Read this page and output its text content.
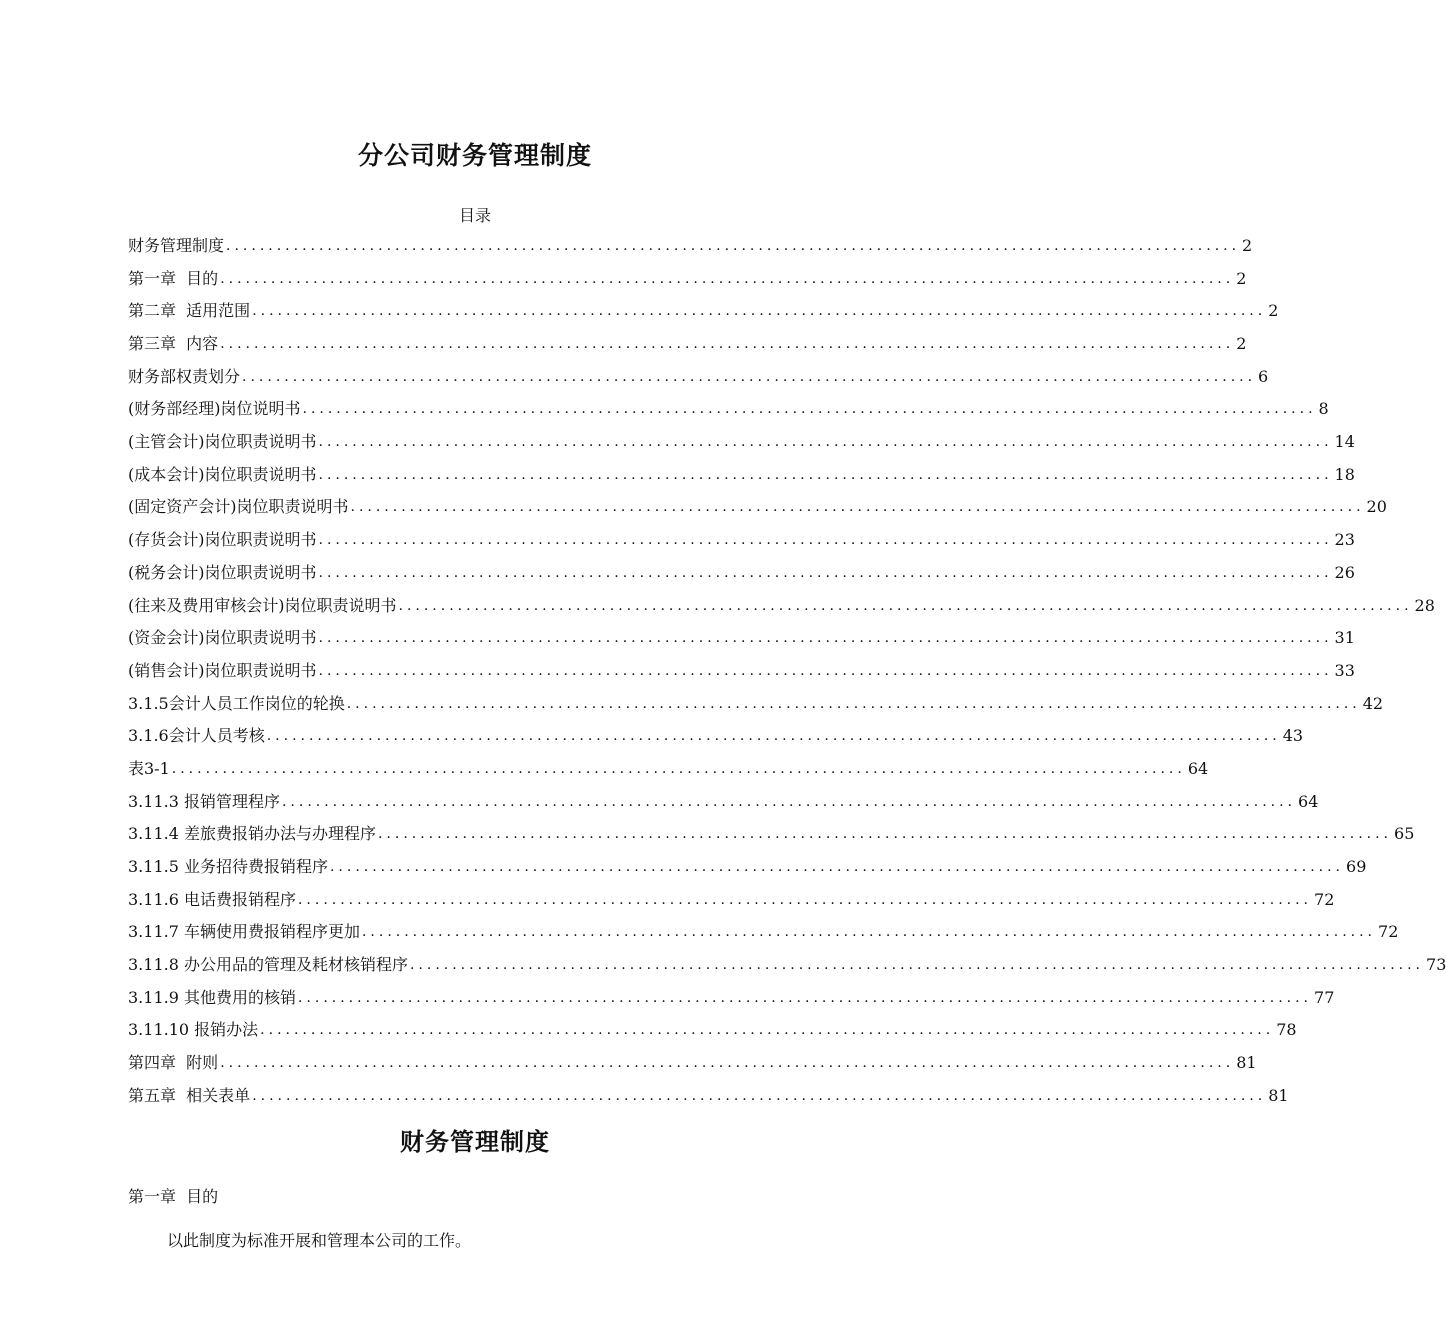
分公司财务管理制度
目录
财务管理制度 ........................................................................................................................ 2
第一章  目的 ........................................................................................................................ 2
第二章  适用范围 ........................................................................................................................ 2
第三章  内容 ........................................................................................................................ 2
财务部权责划分 ........................................................................................................................ 6
(财务部经理)岗位说明书 ........................................................................................................................ 8
(主管会计)岗位职责说明书 ........................................................................................................................ 14
(成本会计)岗位职责说明书 ........................................................................................................................ 18
(固定资产会计)岗位职责说明书 ........................................................................................................................ 20
(存货会计)岗位职责说明书 ........................................................................................................................ 23
(税务会计)岗位职责说明书 ........................................................................................................................ 26
(往来及费用审核会计)岗位职责说明书 ........................................................................................................................ 28
(资金会计)岗位职责说明书 ........................................................................................................................ 31
(销售会计)岗位职责说明书 ........................................................................................................................ 33
3.1.5会计人员工作岗位的轮换 ........................................................................................................................ 42
3.1.6会计人员考核 ........................................................................................................................ 43
表3-1 ........................................................................................................................ 64
3.11.3 报销管理程序 ........................................................................................................................ 64
3.11.4 差旅费报销办法与办理程序 ........................................................................................................................ 65
3.11.5 业务招待费报销程序 ........................................................................................................................ 69
3.11.6 电话费报销程序 ........................................................................................................................ 72
3.11.7 车辆使用费报销程序更加 ........................................................................................................................ 72
3.11.8 办公用品的管理及耗材核销程序 ........................................................................................................................ 73
3.11.9 其他费用的核销 ........................................................................................................................ 77
3.11.10 报销办法 ........................................................................................................................ 78
第四章  附则 ........................................................................................................................ 81
第五章  相关表单 ........................................................................................................................ 81
财务管理制度
第一章  目的
以此制度为标准开展和管理本公司的工作。
